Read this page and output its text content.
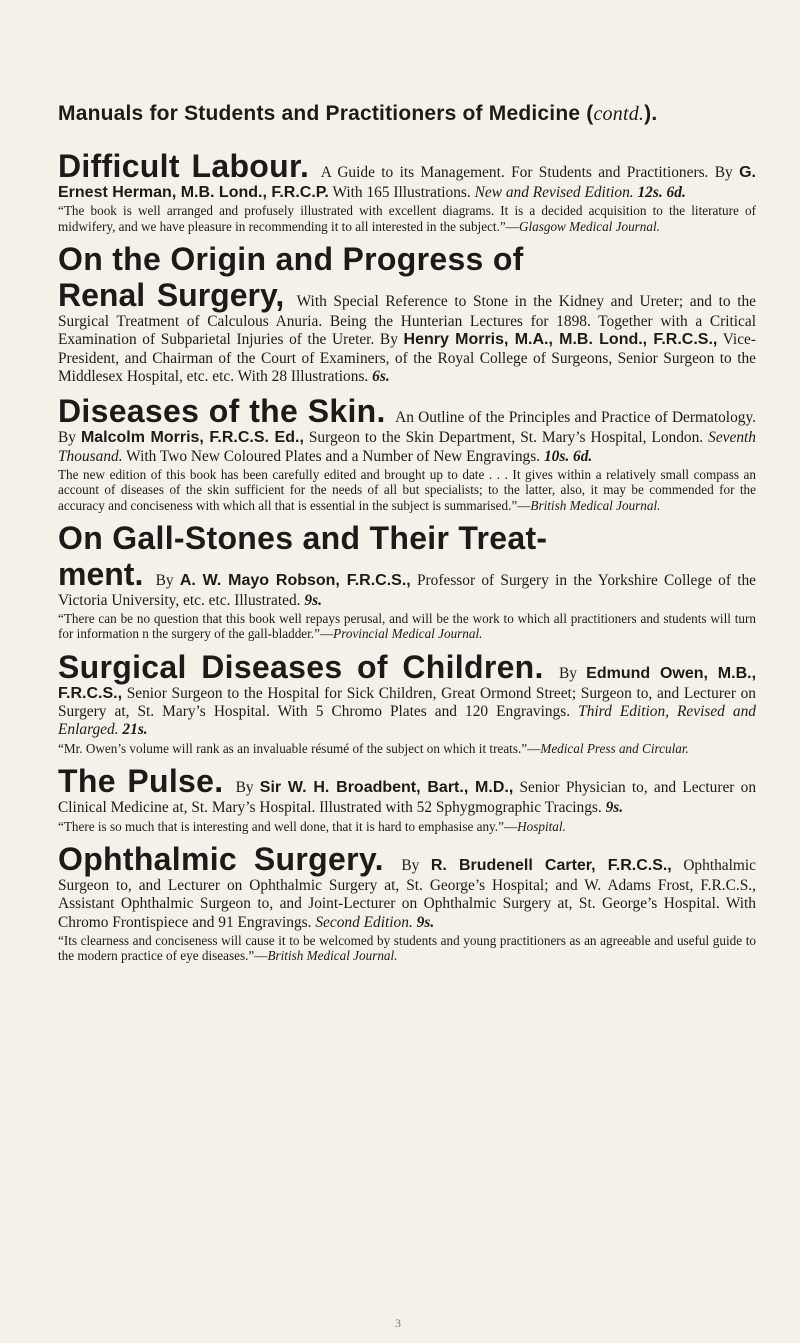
Manuals for Students and Practitioners of Medicine (contd.).
Difficult Labour. A Guide to its Management. For Students and Practitioners. By G. Ernest Herman, M.B. Lond., F.R.C.P. With 165 Illustrations. New and Revised Edition. 12s. 6d.
“The book is well arranged and profusely illustrated with excellent diagrams. It is a decided acquisition to the literature of midwifery, and we have pleasure in recommending it to all interested in the subject.”—Glasgow Medical Journal.
On the Origin and Progress of
Renal Surgery, With Special Reference to Stone in the Kidney and Ureter; and to the Surgical Treatment of Calculous Anuria. Being the Hunterian Lectures for 1898. Together with a Critical Examination of Subparietal Injuries of the Ureter. By Henry Morris, M.A., M.B. Lond., F.R.C.S., Vice-President, and Chairman of the Court of Examiners, of the Royal College of Surgeons, Senior Surgeon to the Middlesex Hospital, etc. etc. With 28 Illustrations. 6s.
Diseases of the Skin. An Outline of the Principles and Practice of Dermatology. By Malcolm Morris, F.R.C.S. Ed., Surgeon to the Skin Department, St. Mary’s Hospital, London. Seventh Thousand. With Two New Coloured Plates and a Number of New Engravings. 10s. 6d.
The new edition of this book has been carefully edited and brought up to date . . . It gives within a relatively small compass an account of diseases of the skin sufficient for the needs of all but specialists; to the latter, also, it may be commended for the accuracy and conciseness with which all that is essential in the subject is summarised.”—British Medical Journal.
On Gall-Stones and Their Treat-
ment. By A. W. Mayo Robson, F.R.C.S., Professor of Surgery in the Yorkshire College of the Victoria University, etc. etc. Illustrated. 9s.
“There can be no question that this book well repays perusal, and will be the work to which all practitioners and students will turn for information n the surgery of the gall-bladder.”—Provincial Medical Journal.
Surgical Diseases of Children. By Edmund Owen, M.B., F.R.C.S., Senior Surgeon to the Hospital for Sick Children, Great Ormond Street; Surgeon to, and Lecturer on Surgery at, St. Mary’s Hospital. With 5 Chromo Plates and 120 Engravings. Third Edition, Revised and Enlarged. 21s.
“Mr. Owen’s volume will rank as an invaluable résumé of the subject on which it treats.”—Medical Press and Circular.
The Pulse. By Sir W. H. Broadbent, Bart., M.D., Senior Physician to, and Lecturer on Clinical Medicine at, St. Mary’s Hospital. Illustrated with 52 Sphygmographic Tracings. 9s.
“There is so much that is interesting and well done, that it is hard to emphasise any.”—Hospital.
Ophthalmic Surgery. By R. Brudenell Carter, F.R.C.S., Ophthalmic Surgeon to, and Lecturer on Ophthalmic Surgery at, St. George’s Hospital; and W. Adams Frost, F.R.C.S., Assistant Ophthalmic Surgeon to, and Joint-Lecturer on Ophthalmic Surgery at, St. George’s Hospital. With Chromo Frontispiece and 91 Engravings. Second Edition. 9s.
“Its clearness and conciseness will cause it to be welcomed by students and young practitioners as an agreeable and useful guide to the modern practice of eye diseases.”—British Medical Journal.
3
